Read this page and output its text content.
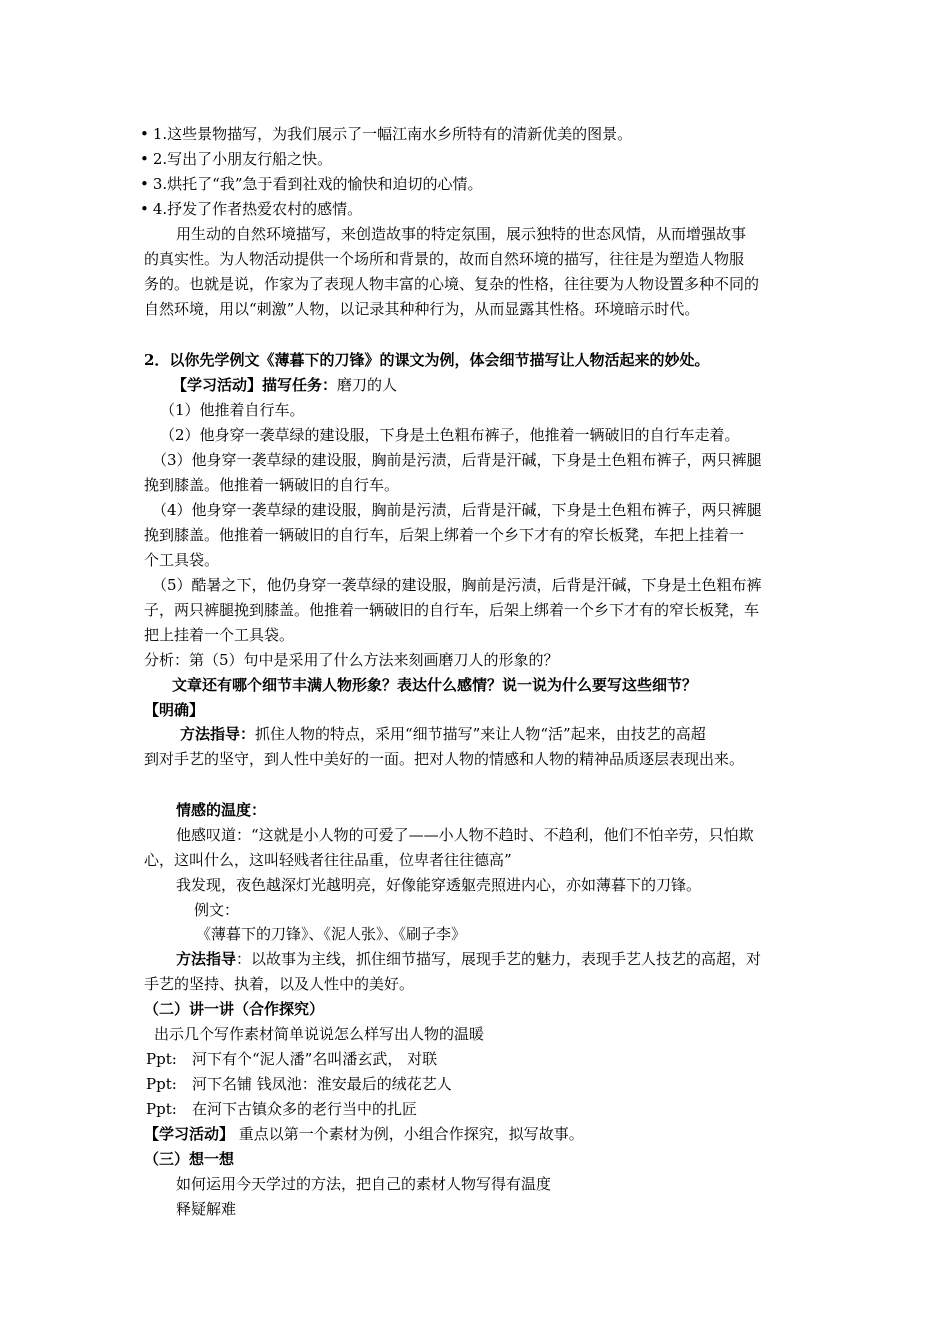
• 1.这些景物描写，为我们展示了一幅江南水乡所特有的清新优美的图景。
• 2.写出了小朋友行船之快。
• 3.烘托了“我”急于看到社戏的愉快和迫切的心情。
• 4.抒发了作者热爱农村的感情。
用生动的自然环境描写，来创造故事的特定氛围，展示独特的世态风情，从而增强故事
的真实性。为人物活动提供一个场所和背景的，故而自然环境的描写，往往是为塑造人物服
务的。也就是说，作家为了表现人物丰富的心境、复杂的性格，往往要为人物设置多种不同的
自然环境，用以“刺激”人物，以记录其种种行为，从而显露其性格。环境暗示时代。
2．以你先学例文《薄暮下的刀锋》的课文为例，体会细节描写让人物活起来的妙处。
【学习活动】描写任务：磨刀的人
（1）他推着自行车。
（2）他身穿一袭草绿的建设服，下身是土色粗布裤子，他推着一辆破旧的自行车走着。
（3）他身穿一袭草绿的建设服，胸前是污渍，后背是汗碱，下身是土色粗布裤子，两只裤腿
挽到膝盖。他推着一辆破旧的自行车。
（4）他身穿一袭草绿的建设服，胸前是污渍，后背是汗碱，下身是土色粗布裤子，两只裤腿
挽到膝盖。他推着一辆破旧的自行车，后架上绑着一个乡下才有的窄长板凳，车把上挂着一
个工具袋。
（5）酷暑之下，他仍身穿一袭草绿的建设服，胸前是污渍，后背是汗碱，下身是土色粗布裤
子，两只裤腿挽到膝盖。他推着一辆破旧的自行车，后架上绑着一个乡下才有的窄长板凳，车
把上挂着一个工具袋。
分析：第（5）句中是采用了什么方法来刻画磨刀人的形象的？
文章还有哪个细节丰满人物形象？表达什么感情？说一说为什么要写这些细节？
【明确】
方法指导：抓住人物的特点，采用“细节描写”来让人物“活”起来，由技艺的高超
到对手艺的坚守，到人性中美好的一面。把对人物的情感和人物的精神品质逐层表现出来。
情感的温度：
他感叹道：“这就是小人物的可爱了——小人物不趋时、不趋利，他们不怕辛劳，只怕欺
心，这叫什么，这叫轻贱者往往品重，位卑者往往德高”
我发现，夜色越深灯光越明亮，好像能穿透躯壳照进内心，亦如薄暮下的刀锋。
例文：
《薄暮下的刀锋》、《泥人张》、《刷子李》
方法指导：以故事为主线，抓住细节描写，展现手艺的魅力，表现手艺人技艺的高超，对
手艺的坚持、执着，以及人性中的美好。
（二）讲一讲（合作探究）
出示几个写作素材简单说说怎么样写出人物的温暖
Ppt: 河下有个“泥人潘”名叫潘玄武， 对联
Ppt: 河下名铺 钱凤池：淮安最后的绒花艺人
Ppt: 在河下古镇众多的老行当中的扎匠
【学习活动】 重点以第一个素材为例，小组合作探究，拟写故事。
（三）想一想
如何运用今天学过的方法，把自己的素材人物写得有温度
释疑解难
